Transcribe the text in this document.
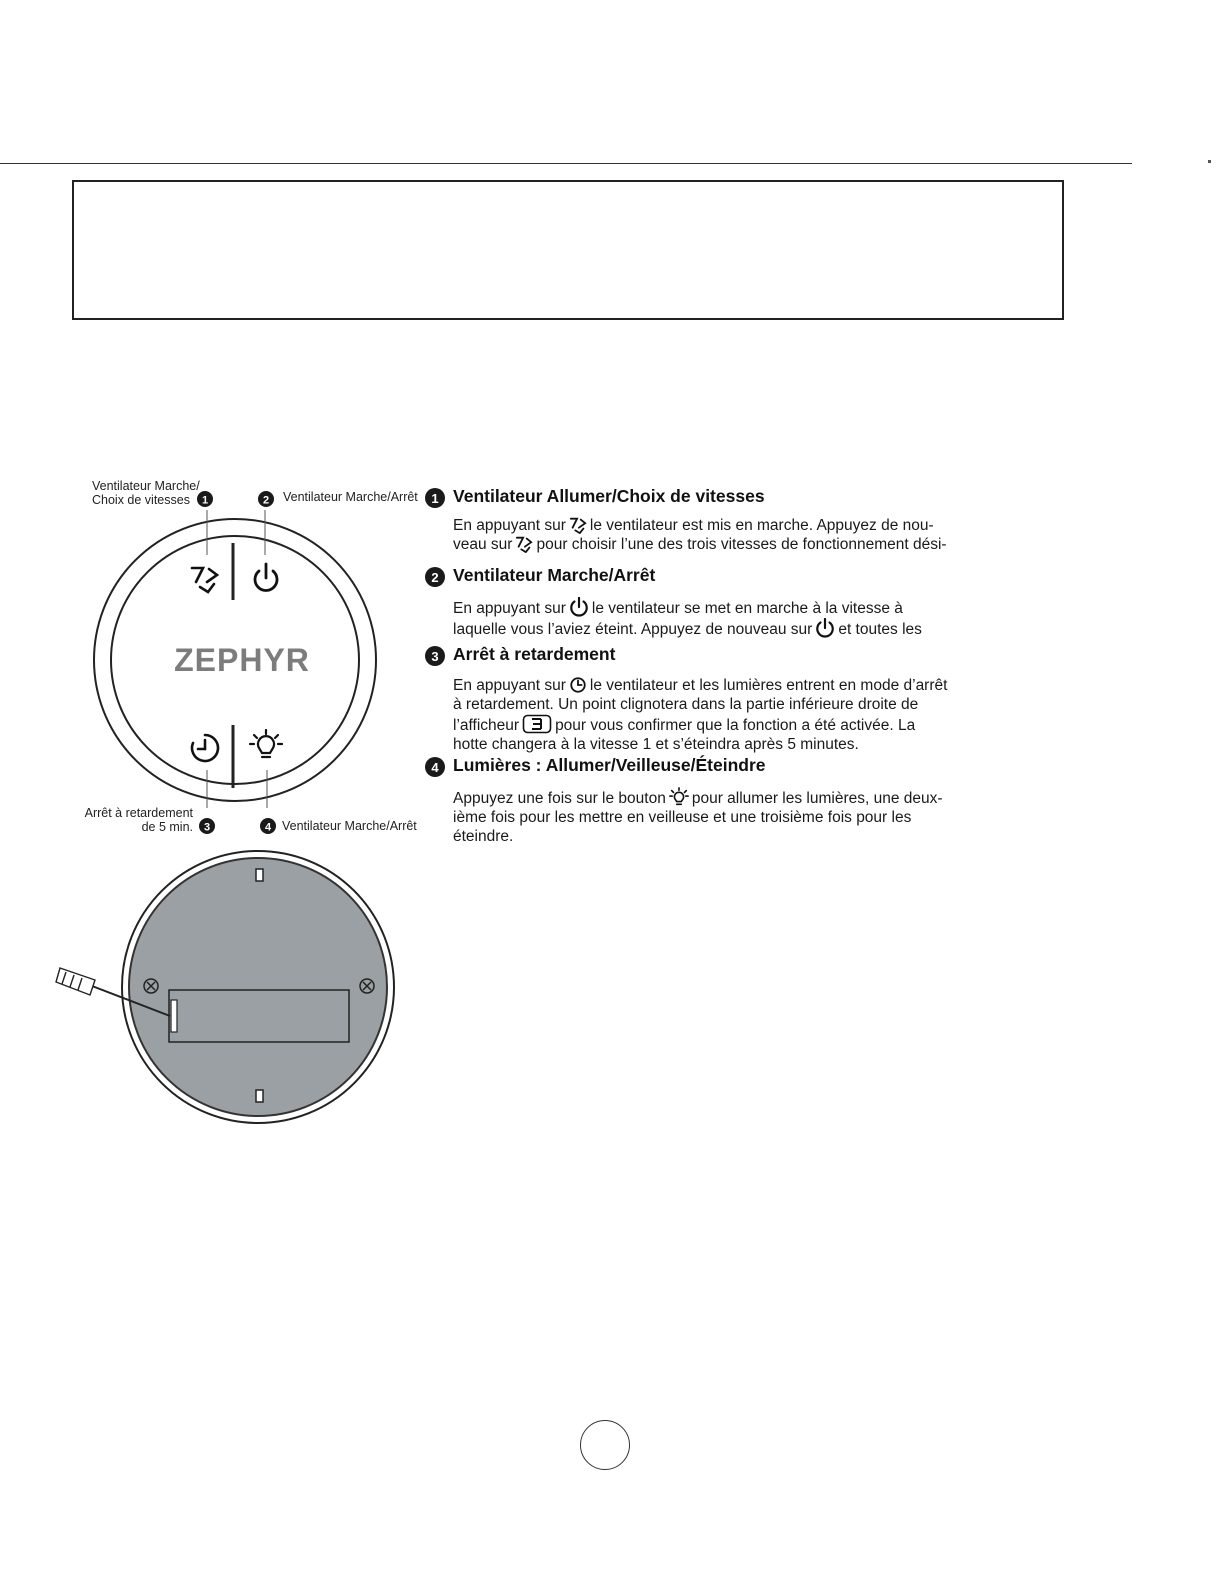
1	2
3	4
ZEPHYR
Ventilateur Marche/
Choix de vitesses	Ventilateur Marche/Arrêt
Arrêt à retardement
de 5 min.	Ventilateur Marche/Arrêt
1 Ventilateur Allumer/Choix de vitesses
En appuyant sur le ventilateur est mis en marche. Appuyez de nou-
veau sur pour choisir l’une des trois vitesses de fonctionnement dési-
2 Ventilateur Marche/Arrêt
En appuyant sur le ventilateur se met en marche à la vitesse à
laquelle vous l’aviez éteint. Appuyez de nouveau sur et toutes les
3 Arrêt à retardement
En appuyant sur le ventilateur et les lumières entrent en mode d’arrêt
à retardement. Un point clignotera dans la partie inférieure droite de
l’afficheur pour vous confirmer que la fonction a été activée. La
hotte changera à la vitesse 1 et s’éteindra après 5 minutes.
4 Lumières : Allumer/Veilleuse/Éteindre
Appuyez une fois sur le bouton pour allumer les lumières, une deux-
ième fois pour les mettre en veilleuse et une troisième fois pour les
éteindre.
